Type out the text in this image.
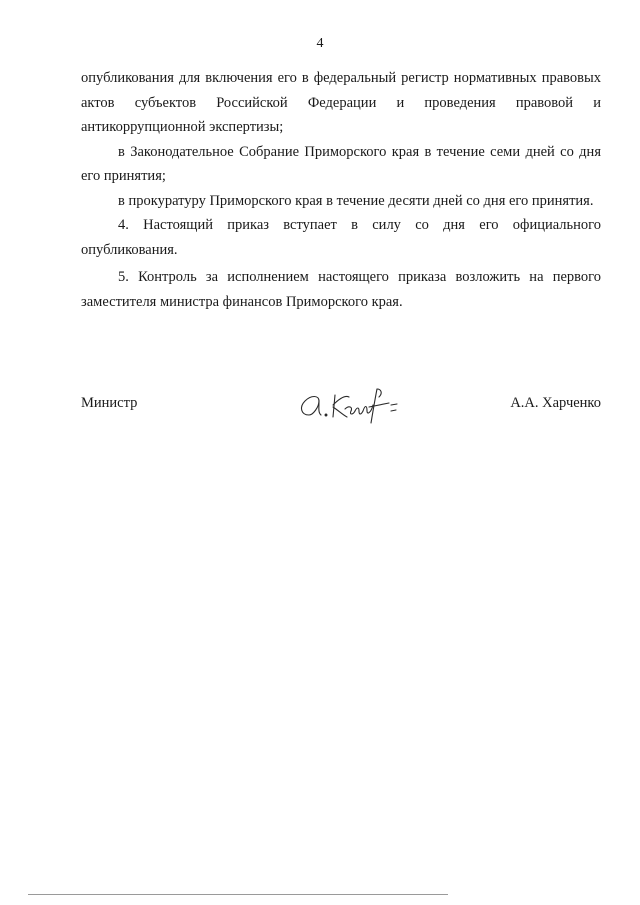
4

опубликования для включения его в федеральный регистр нормативных правовых актов субъектов Российской Федерации и проведения правовой и антикоррупционной экспертизы;

в Законодательное Собрание Приморского края в течение семи дней со дня его принятия;

в прокуратуру Приморского края в течение десяти дней со дня его принятия.

4. Настоящий приказ вступает в силу со дня его официального опубликования.

5. Контроль за исполнением настоящего приказа возложить на первого заместителя министра финансов Приморского края.

Министр	А.А. Харченко
